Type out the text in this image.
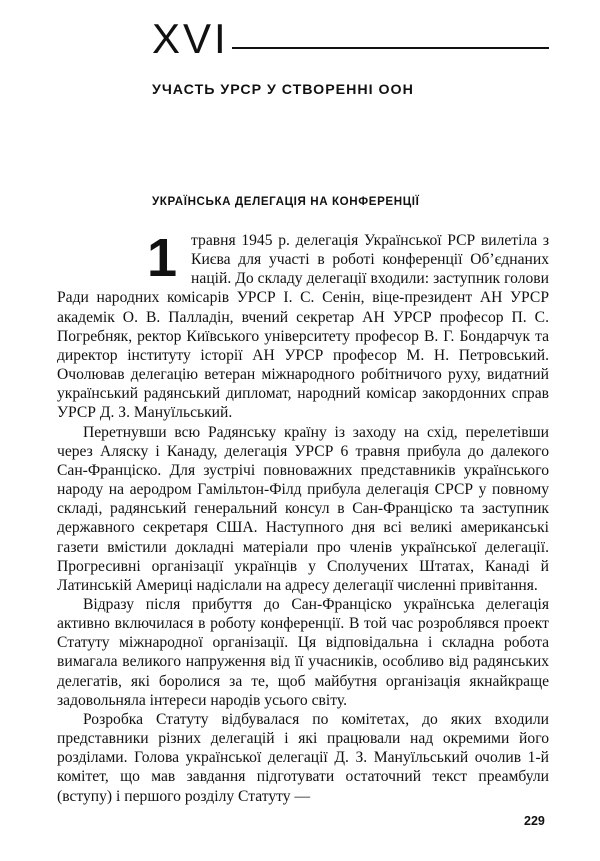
XVI
УЧАСТЬ УРСР У СТВОРЕННІ ООН
УКРАЇНСЬКА ДЕЛЕГАЦІЯ НА КОНФЕРЕНЦІЇ
1 травня 1945 р. делегація Української РСР вилетіла з Києва для участі в роботі конференції Об’єднаних націй. До складу делегації входили: заступник голови Ради народних комісарів УРСР І. С. Сенін, віце-президент АН УРСР академік О. В. Палладін, вчений секретар АН УРСР професор П. С. Погребняк, ректор Київського університету професор В. Г. Бондарчук та директор інституту історії АН УРСР професор М. Н. Петровський. Очолював делегацію ветеран міжнародного робітничого руху, видатний український радянський дипломат, народний комісар закордонних справ УРСР Д. З. Мануїльський.

Перетнувши всю Радянську країну із заходу на схід, перелетівши через Аляску і Канаду, делегація УРСР 6 травня прибула до далекого Сан-Франціско. Для зустрічі повноважних представників українського народу на аеродром Гамільтон-Філд прибула делегація СРСР у повному складі, радянський генеральний консул в Сан-Франціско та заступник державного секретаря США. Наступного дня всі великі американські газети вмістили докладні матеріали про членів української делегації. Прогресивні організації українців у Сполучених Штатах, Канаді й Латинській Америці надіслали на адресу делегації численні привітання.

Відразу після прибуття до Сан-Франціско українська делегація активно включилася в роботу конференції. В той час розроблявся проект Статуту міжнародної організації. Ця відповідальна і складна робота вимагала великого напруження від її учасників, особливо від радянських делегатів, які боролися за те, щоб майбутня організація якнайкраще задовольняла інтереси народів усього світу.

Розробка Статуту відбувалася по комітетах, до яких входили представники різних делегацій і які працювали над окремими його розділами. Голова української делегації Д. З. Мануїльський очолив 1-й комітет, що мав завдання підготувати остаточний текст преамбули (вступу) і першого розділу Статуту —

229
